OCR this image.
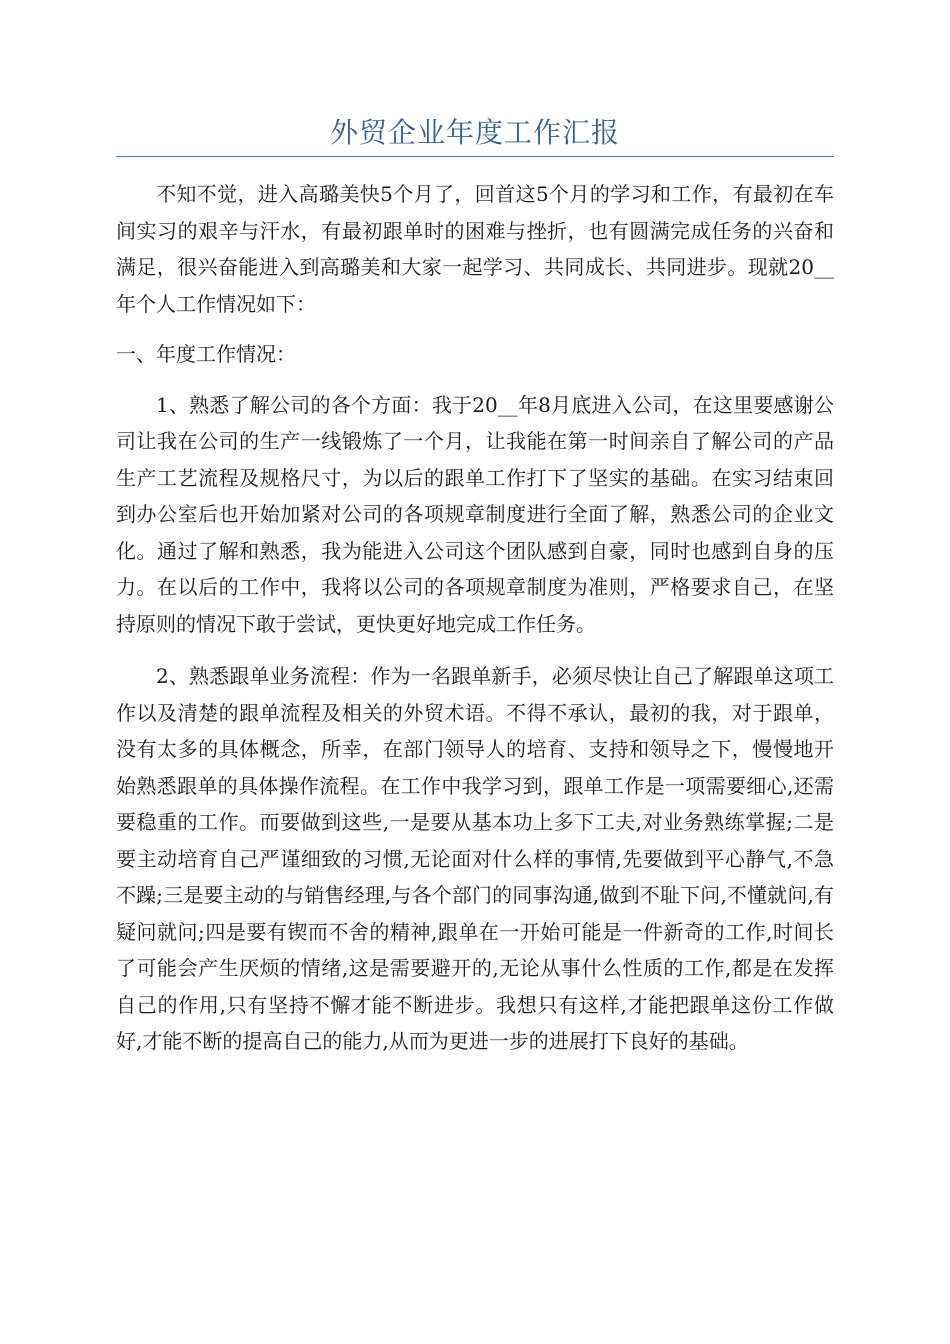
外贸企业年度工作汇报

不知不觉，进入高璐美快5个月了，回首这5个月的学习和工作，有最初在车间实习的艰辛与汗水，有最初跟单时的困难与挫折，也有圆满完成任务的兴奋和满足，很兴奋能进入到高璐美和大家一起学习、共同成长、共同进步。现就20__年个人工作情况如下：

一、年度工作情况：

1、熟悉了解公司的各个方面：我于20__年8月底进入公司，在这里要感谢公司让我在公司的生产一线锻炼了一个月，让我能在第一时间亲自了解公司的产品生产工艺流程及规格尺寸，为以后的跟单工作打下了坚实的基础。在实习结束回到办公室后也开始加紧对公司的各项规章制度进行全面了解，熟悉公司的企业文化。通过了解和熟悉，我为能进入公司这个团队感到自豪，同时也感到自身的压力。在以后的工作中，我将以公司的各项规章制度为准则，严格要求自己，在坚持原则的情况下敢于尝试，更快更好地完成工作任务。

2、熟悉跟单业务流程：作为一名跟单新手，必须尽快让自己了解跟单这项工作以及清楚的跟单流程及相关的外贸术语。不得不承认，最初的我，对于跟单，没有太多的具体概念，所幸，在部门领导人的培育、支持和领导之下，慢慢地开始熟悉跟单的具体操作流程。在工作中我学习到，跟单工作是一项需要细心,还需要稳重的工作。而要做到这些,一是要从基本功上多下工夫,对业务熟练掌握;二是要主动培育自己严谨细致的习惯,无论面对什么样的事情,先要做到平心静气,不急不躁;三是要主动的与销售经理,与各个部门的同事沟通,做到不耻下问,不懂就问,有疑问就问;四是要有锲而不舍的精神,跟单在一开始可能是一件新奇的工作,时间长了可能会产生厌烦的情绪,这是需要避开的,无论从事什么性质的工作,都是在发挥自己的作用,只有坚持不懈才能不断进步。我想只有这样,才能把跟单这份工作做好,才能不断的提高自己的能力,从而为更进一步的进展打下良好的基础。
